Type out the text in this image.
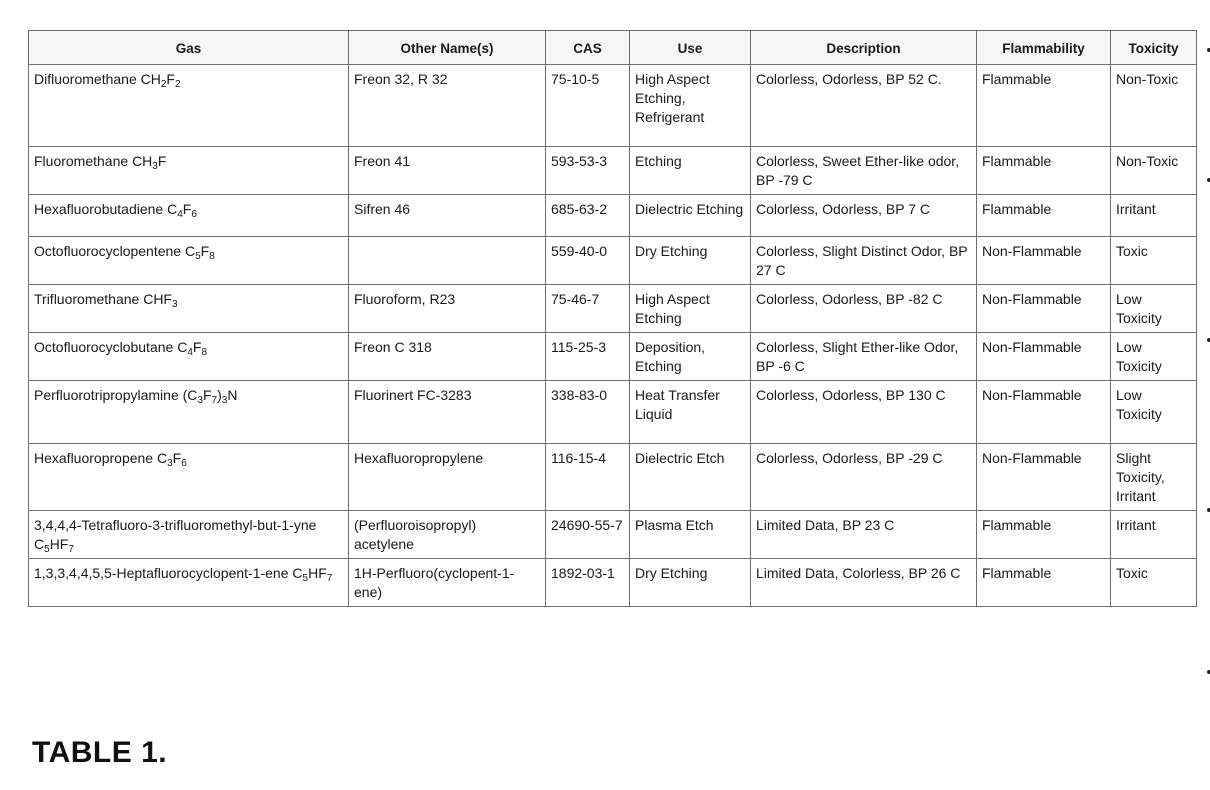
Gas	Other Name(s)	CAS	Use	Description	Flammability	Toxicity
Difluoromethane $CH_2F_2$	Freon 32, R 32	75-10-5	High Aspect Etching, Refrigerant	Colorless, Odorless, BP 52 C.	Flammable	Non-Toxic
Fluoromethane $CH_3F$	Freon 41	593-53-3	Etching	Colorless, Sweet Ether-like odor, BP -79 C	Flammable	Non-Toxic
Hexafluorobutadiene $C_4F_6$	Sifren 46	685-63-2	Dielectric Etching	Colorless, Odorless, BP 7 C	Flammable	Irritant
Octofluorocyclopentene $C_5F_8$		559-40-0	Dry Etching	Colorless, Slight Distinct Odor, BP 27 C	Non-Flammable	Toxic
Trifluoromethane $CHF_3$	Fluoroform, R23	75-46-7	High Aspect Etching	Colorless, Odorless, BP -82 C	Non-Flammable	Low Toxicity
Octofluorocyclobutane $C_4F_8$	Freon C 318	115-25-3	Deposition, Etching	Colorless, Slight Ether-like Odor, BP -6 C	Non-Flammable	Low Toxicity
Perfluorotripropylamine $(C_3F_7)_3N$	Fluorinert FC-3283	338-83-0	Heat Transfer Liquid	Colorless, Odorless, BP 130 C	Non-Flammable	Low Toxicity
Hexafluoropropene $C_3F_6$	Hexafluoropropylene	116-15-4	Dielectric Etch	Colorless, Odorless, BP -29 C	Non-Flammable	Slight Toxicity, Irritant
3,4,4,4-Tetrafluoro-3-trifluoromethyl-but-1-yne $C_5HF_7$	(Perfluoroisopropyl) acetylene	24690-55-7	Plasma Etch	Limited Data, BP 23 C	Flammable	Irritant
1,3,3,4,4,5,5-Heptafluorocyclopent-1-ene $C_5HF_7$	1H-Perfluoro(cyclopent-1-ene)	1892-03-1	Dry Etching	Limited Data, Colorless, BP 26 C	Flammable	Toxic
TABLE 1.
